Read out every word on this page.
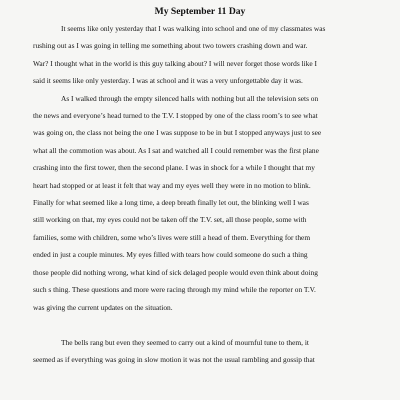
My September 11 Day

It seems like only yesterday that I was walking into school and one of my classmates was
rushing out as I was going in telling me something about two towers crashing down and war.
War? I thought what in the world is this guy talking about? I will never forget those words like I
said it seems like only yesterday. I was at school and it was a very unforgettable day it was.

As I walked through the empty silenced halls with nothing but all the television sets on
the news and everyone’s head turned to the T.V. I stopped by one of the class room’s to see what
was going on, the class not being the one I was suppose to be in but I stopped anyways just to see
what all the commotion was about. As I sat and watched all I could remember was the first plane
crashing into the first tower, then the second plane. I was in shock for a while I thought that my
heart had stopped or at least it felt that way and my eyes well they were in no motion to blink.
Finally for what seemed like a long time, a deep breath finally let out, the blinking well I was
still working on that, my eyes could not be taken off the T.V. set, all those people, some with
families, some with children, some who’s lives were still a head of them. Everything for them
ended in just a couple minutes. My eyes filled with tears how could someone do such a thing
those people did nothing wrong, what kind of sick delaged people would even think about doing
such s thing. These questions and more were racing through my mind while the reporter on T.V.
was giving the current updates on the situation.

The bells rang but even they seemed to carry out a kind of mournful tune to them, it
seemed as if everything was going in slow motion it was not the usual rambling and gossip that
